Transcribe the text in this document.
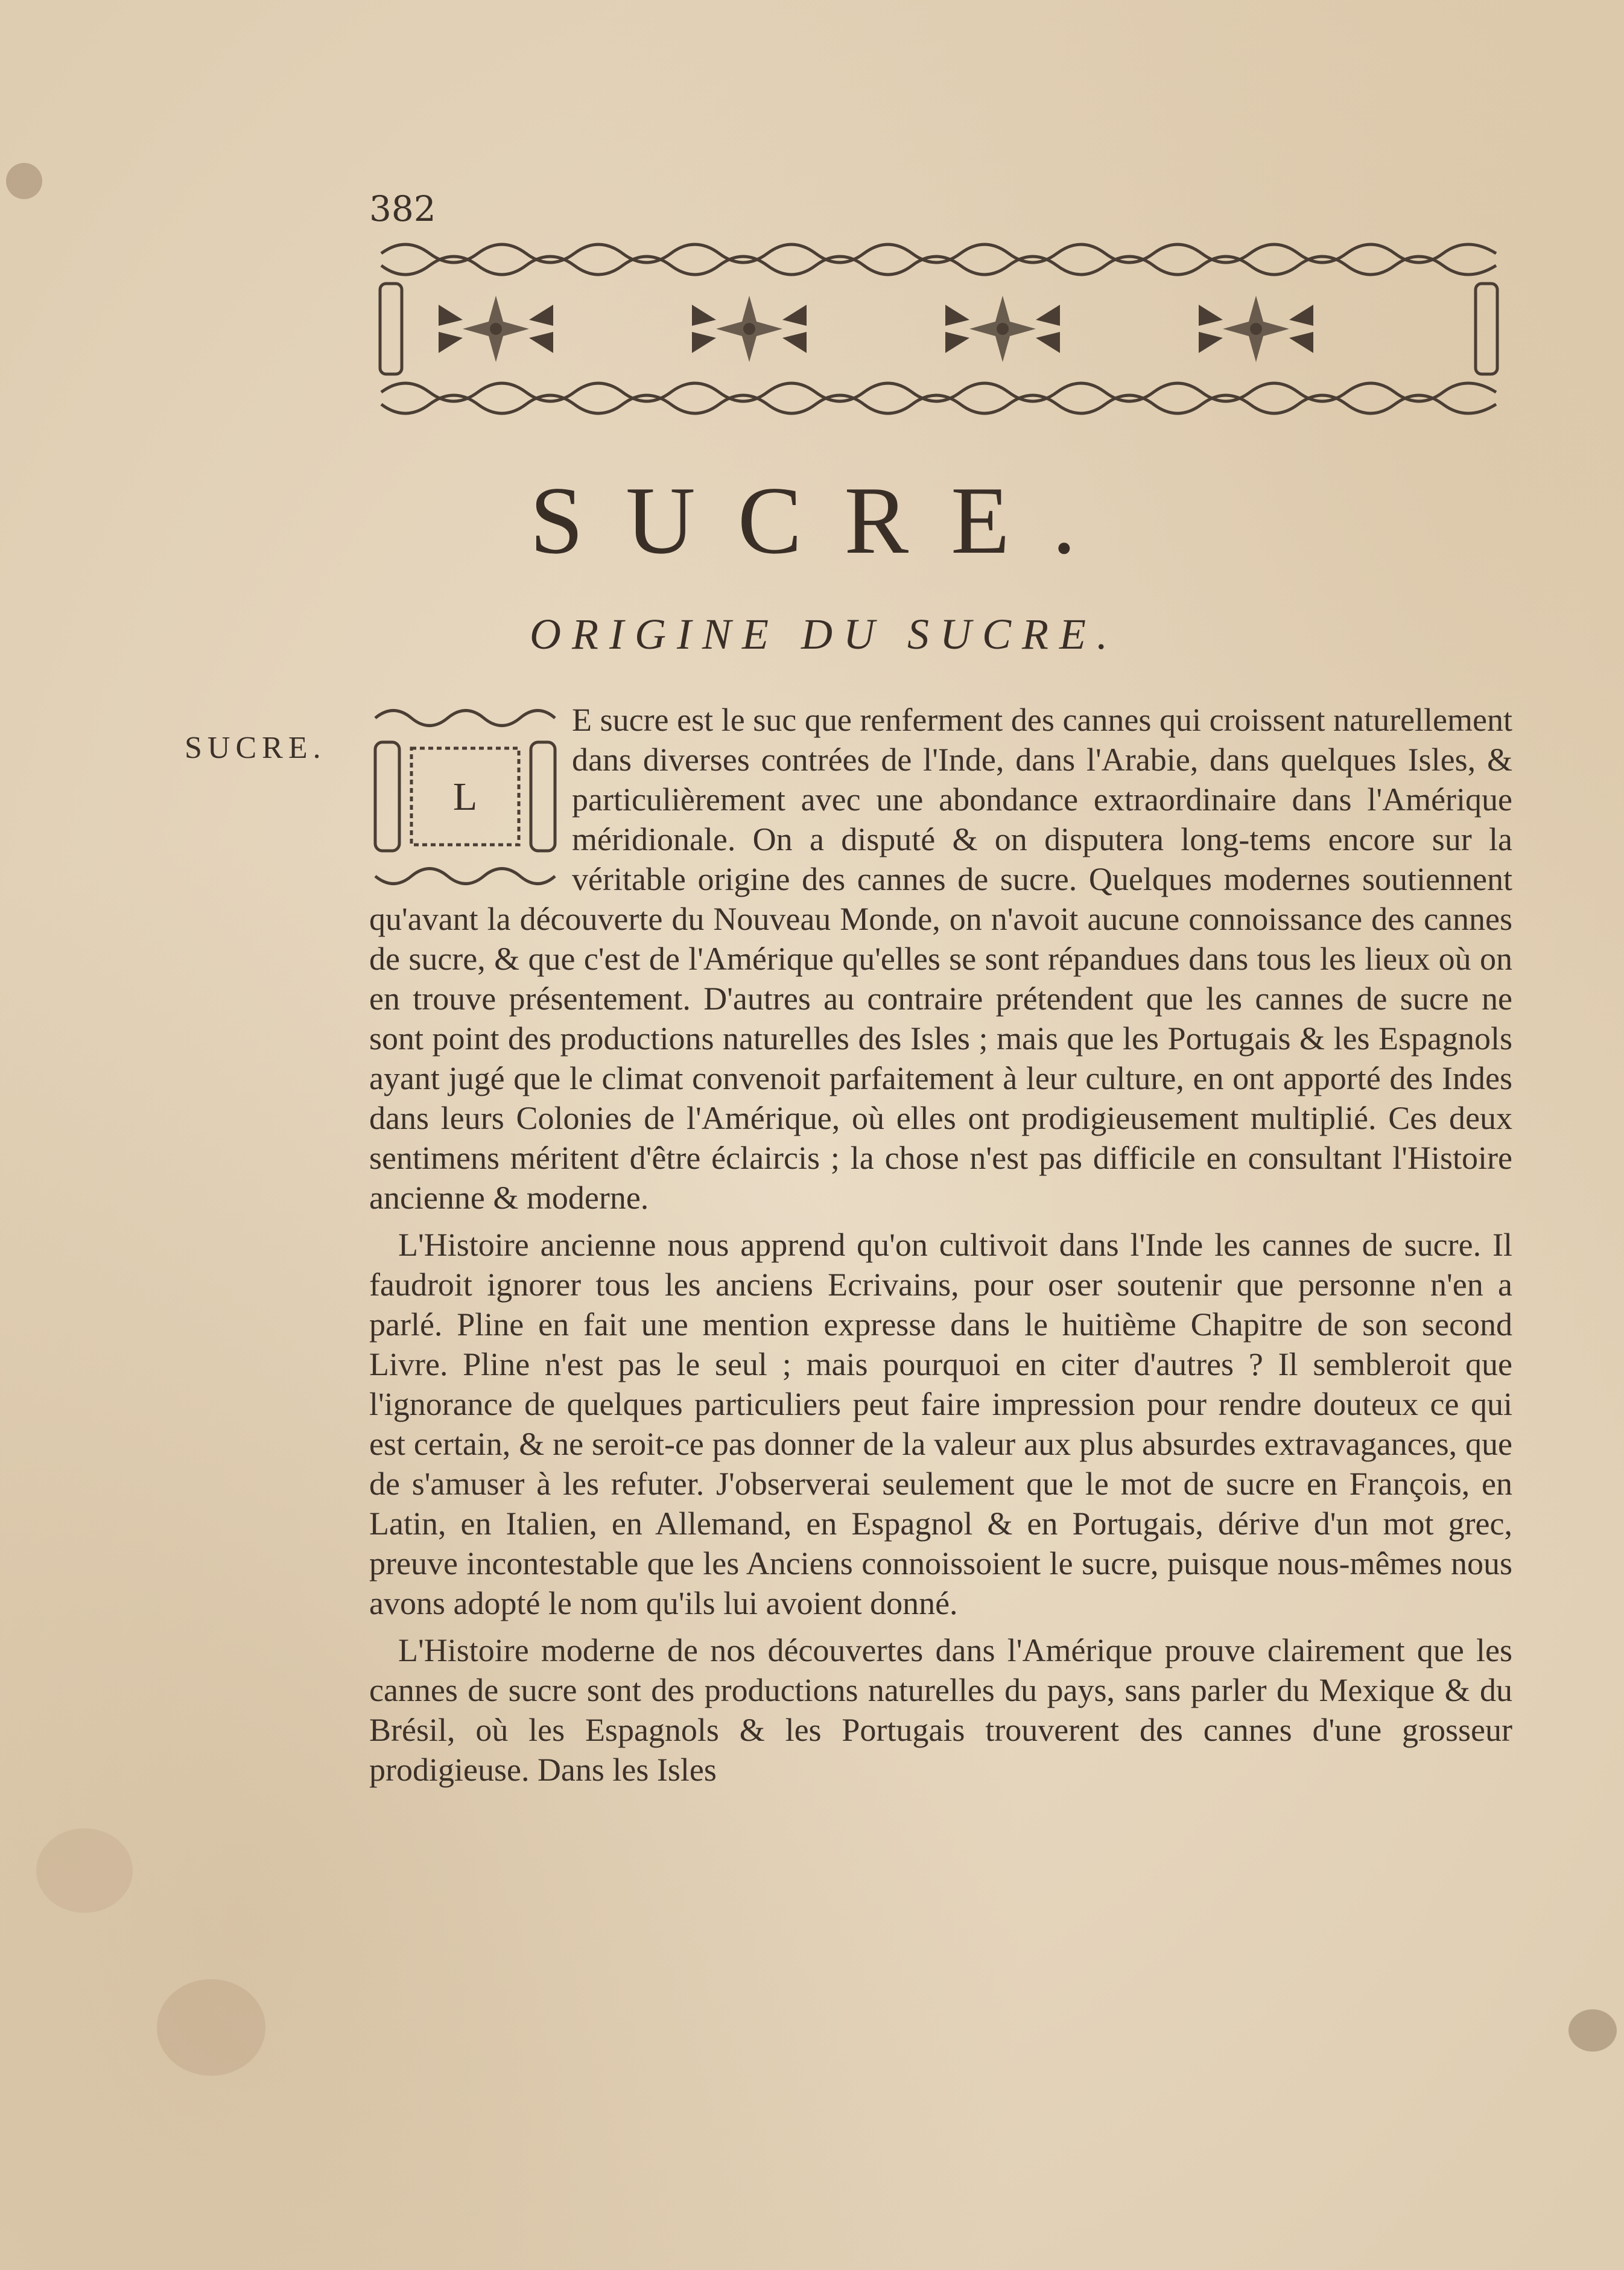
382
SUCRE.
ORIGINE DU SUCRE.
SUCRE.
L

E sucre est le suc que renferment des cannes qui croissent naturellement dans diverses contrées de l'Inde, dans l'Arabie, dans quelques Isles, & particulièrement avec une abondance extraordinaire dans l'Amérique méridionale. On a disputé & on disputera long-tems encore sur la véritable origine des cannes de sucre. Quelques modernes soutiennent qu'avant la découverte du Nouveau Monde, on n'avoit aucune connoissance des cannes de sucre, & que c'est de l'Amérique qu'elles se sont répandues dans tous les lieux où on en trouve présentement. D'autres au contraire prétendent que les cannes de sucre ne sont point des productions naturelles des Isles ; mais que les Portugais & les Espagnols ayant jugé que le climat convenoit parfaitement à leur culture, en ont apporté des Indes dans leurs Colonies de l'Amérique, où elles ont prodigieusement multiplié. Ces deux sentimens méritent d'être éclaircis ; la chose n'est pas difficile en consultant l'Histoire ancienne & moderne.

L'Histoire ancienne nous apprend qu'on cultivoit dans l'Inde les cannes de sucre. Il faudroit ignorer tous les anciens Ecrivains, pour oser soutenir que personne n'en a parlé. Pline en fait une mention expresse dans le huitième Chapitre de son second Livre. Pline n'est pas le seul ; mais pourquoi en citer d'autres ? Il sembleroit que l'ignorance de quelques particuliers peut faire impression pour rendre douteux ce qui est certain, & ne seroit-ce pas donner de la valeur aux plus absurdes extravagances, que de s'amuser à les refuter. J'observerai seulement que le mot de sucre en François, en Latin, en Italien, en Allemand, en Espagnol & en Portugais, dérive d'un mot grec, preuve incontestable que les Anciens connoissoient le sucre, puisque nous-mêmes nous avons adopté le nom qu'ils lui avoient donné.

L'Histoire moderne de nos découvertes dans l'Amérique prouve clairement que les cannes de sucre sont des productions naturelles du pays, sans parler du Mexique & du Brésil, où les Espagnols & les Portugais trouverent des cannes d'une grosseur prodigieuse. Dans les Isles
